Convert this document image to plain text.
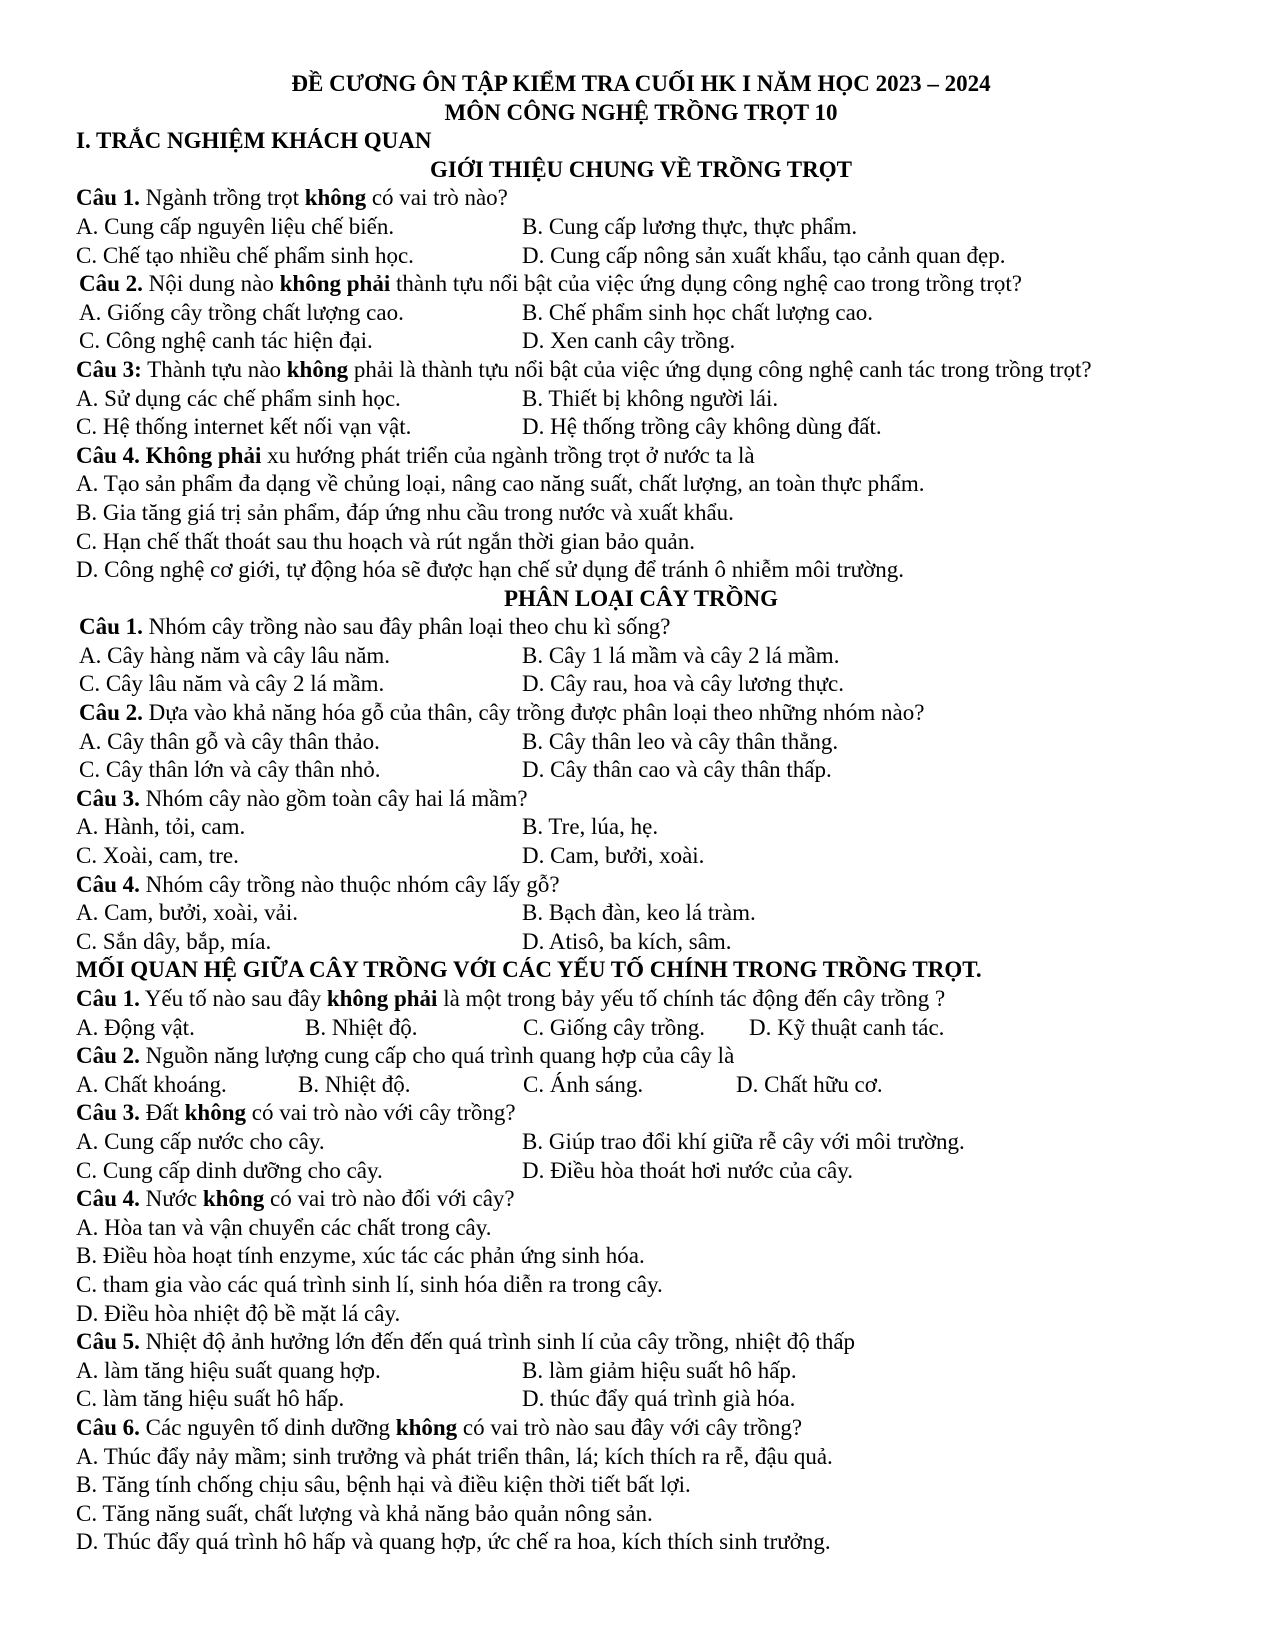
ĐỀ CƯƠNG ÔN TẬP KIỂM TRA CUỐI HK I NĂM HỌC 2023 – 2024
MÔN CÔNG NGHỆ TRỒNG TRỌT 10
I. TRẮC NGHIỆM KHÁCH QUAN
GIỚI THIỆU CHUNG VỀ TRỒNG TRỌT
Câu 1. Ngành trồng trọt không có vai trò nào?
A. Cung cấp nguyên liệu chế biến.	B. Cung cấp lương thực, thực phẩm.
C. Chế tạo nhiều chế phẩm sinh học.	D. Cung cấp nông sản xuất khẩu, tạo cảnh quan đẹp.
Câu 2. Nội dung nào không phải thành tựu nổi bật của việc ứng dụng công nghệ cao trong trồng trọt?
A. Giống cây trồng chất lượng cao.	B. Chế phẩm sinh học chất lượng cao.
C. Công nghệ canh tác hiện đại.	D. Xen canh cây trồng.
Câu 3: Thành tựu nào không phải là thành tựu nổi bật của việc ứng dụng công nghệ canh tác trong trồng trọt?
A. Sử dụng các chế phẩm sinh học.	B. Thiết bị không người lái.
C. Hệ thống internet kết nối vạn vật.	D. Hệ thống trồng cây không dùng đất.
Câu 4. Không phải xu hướng phát triển của ngành trồng trọt ở nước ta là
A. Tạo sản phẩm đa dạng về chủng loại, nâng cao năng suất, chất lượng, an toàn thực phẩm.
B. Gia tăng giá trị sản phẩm, đáp ứng nhu cầu trong nước và xuất khẩu.
C. Hạn chế thất thoát sau thu hoạch và rút ngắn thời gian bảo quản.
D. Công nghệ cơ giới, tự động hóa sẽ được hạn chế sử dụng để tránh ô nhiễm môi trường.
PHÂN LOẠI CÂY TRỒNG
Câu 1. Nhóm cây trồng nào sau đây phân loại theo chu kì sống?
A. Cây hàng năm và cây lâu năm.	B. Cây 1 lá mầm và cây 2 lá mầm.
C. Cây lâu năm và cây 2 lá mầm.	D. Cây rau, hoa và cây lương thực.
Câu 2. Dựa vào khả năng hóa gỗ của thân, cây trồng được phân loại theo những nhóm nào?
A. Cây thân gỗ và cây thân thảo.	B. Cây thân leo và cây thân thẳng.
C. Cây thân lớn và cây thân nhỏ.	D. Cây thân cao và cây thân thấp.
Câu 3. Nhóm cây nào gồm toàn cây hai lá mầm?
A. Hành, tỏi, cam.	B. Tre, lúa, hẹ.
C. Xoài, cam, tre.	D. Cam, bưởi, xoài.
Câu 4. Nhóm cây trồng nào thuộc nhóm cây lấy gỗ?
A. Cam, bưởi, xoài, vải.	B. Bạch đàn, keo lá tràm.
C. Sắn dây, bắp, mía.	D. Atisô, ba kích, sâm.
MỐI QUAN HỆ GIỮA CÂY TRỒNG VỚI CÁC YẾU TỐ CHÍNH TRONG TRỒNG TRỌT.
Câu 1. Yếu tố nào sau đây không phải là một trong bảy yếu tố chính tác động đến cây trồng ?
A. Động vật.	B. Nhiệt độ.	C. Giống cây trồng.	D. Kỹ thuật canh tác.
Câu 2. Nguồn năng lượng cung cấp cho quá trình quang hợp của cây là
A. Chất khoáng.	B. Nhiệt độ.	C. Ánh sáng.	D. Chất hữu cơ.
Câu 3. Đất không có vai trò nào với cây trồng?
A. Cung cấp nước cho cây.	B. Giúp trao đổi khí giữa rễ cây với môi trường.
C. Cung cấp dinh dưỡng cho cây.	D. Điều hòa thoát hơi nước của cây.
Câu 4. Nước không có vai trò nào đối với cây?
A. Hòa tan và vận chuyển các chất trong cây.
B. Điều hòa hoạt tính enzyme, xúc tác các phản ứng sinh hóa.
C. tham gia vào các quá trình sinh lí, sinh hóa diễn ra trong cây.
D. Điều hòa nhiệt độ bề mặt lá cây.
Câu 5. Nhiệt độ ảnh hưởng lớn đến đến quá trình sinh lí của cây trồng, nhiệt độ thấp
A. làm tăng hiệu suất quang hợp.	B. làm giảm hiệu suất hô hấp.
C. làm tăng hiệu suất hô hấp.	D. thúc đẩy quá trình già hóa.
Câu 6. Các nguyên tố dinh dưỡng không có vai trò nào sau đây với cây trồng?
A. Thúc đẩy nảy mầm; sinh trưởng và phát triển thân, lá; kích thích ra rễ, đậu quả.
B. Tăng tính chống chịu sâu, bệnh hại và điều kiện thời tiết bất lợi.
C. Tăng năng suất, chất lượng và khả năng bảo quản nông sản.
D. Thúc đẩy quá trình hô hấp và quang hợp, ức chế ra hoa, kích thích sinh trưởng.
